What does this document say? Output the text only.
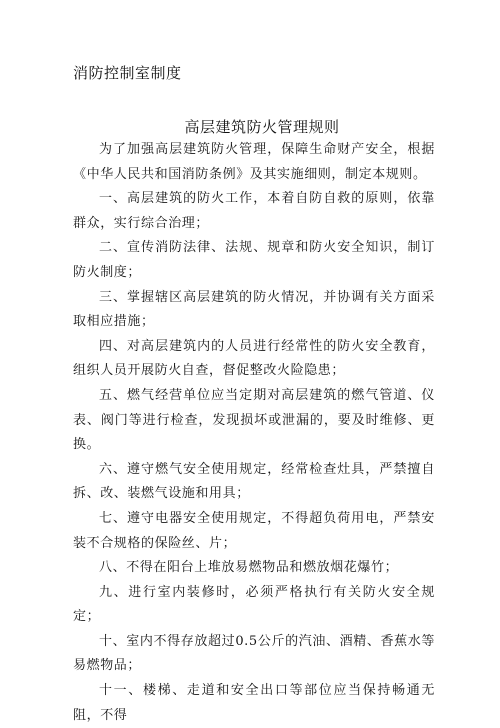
消防控制室制度
高层建筑防火管理规则

为了加强高层建筑防火管理，保障生命财产安全，根据《中华人民共和国消防条例》及其实施细则，制定本规则。

一、高层建筑的防火工作，本着自防自救的原则，依靠群众，实行综合治理；

二、宣传消防法律、法规、规章和防火安全知识，制订防火制度；

三、掌握辖区高层建筑的防火情况，并协调有关方面采取相应措施；

四、对高层建筑内的人员进行经常性的防火安全教育，组织人员开展防火自查，督促整改火险隐患；

五、燃气经营单位应当定期对高层建筑的燃气管道、仪表、阀门等进行检查，发现损坏或泄漏的，要及时维修、更换。

六、遵守燃气安全使用规定，经常检查灶具，严禁擅自拆、改、装燃气设施和用具；

七、遵守电器安全使用规定，不得超负荷用电，严禁安装不合规格的保险丝、片；

八、不得在阳台上堆放易燃物品和燃放烟花爆竹；

九、进行室内装修时，必须严格执行有关防火安全规定；

十、室内不得存放超过0.5公斤的汽油、酒精、香蕉水等易燃物品；

十一、楼梯、走道和安全出口等部位应当保持畅通无阻，不得
